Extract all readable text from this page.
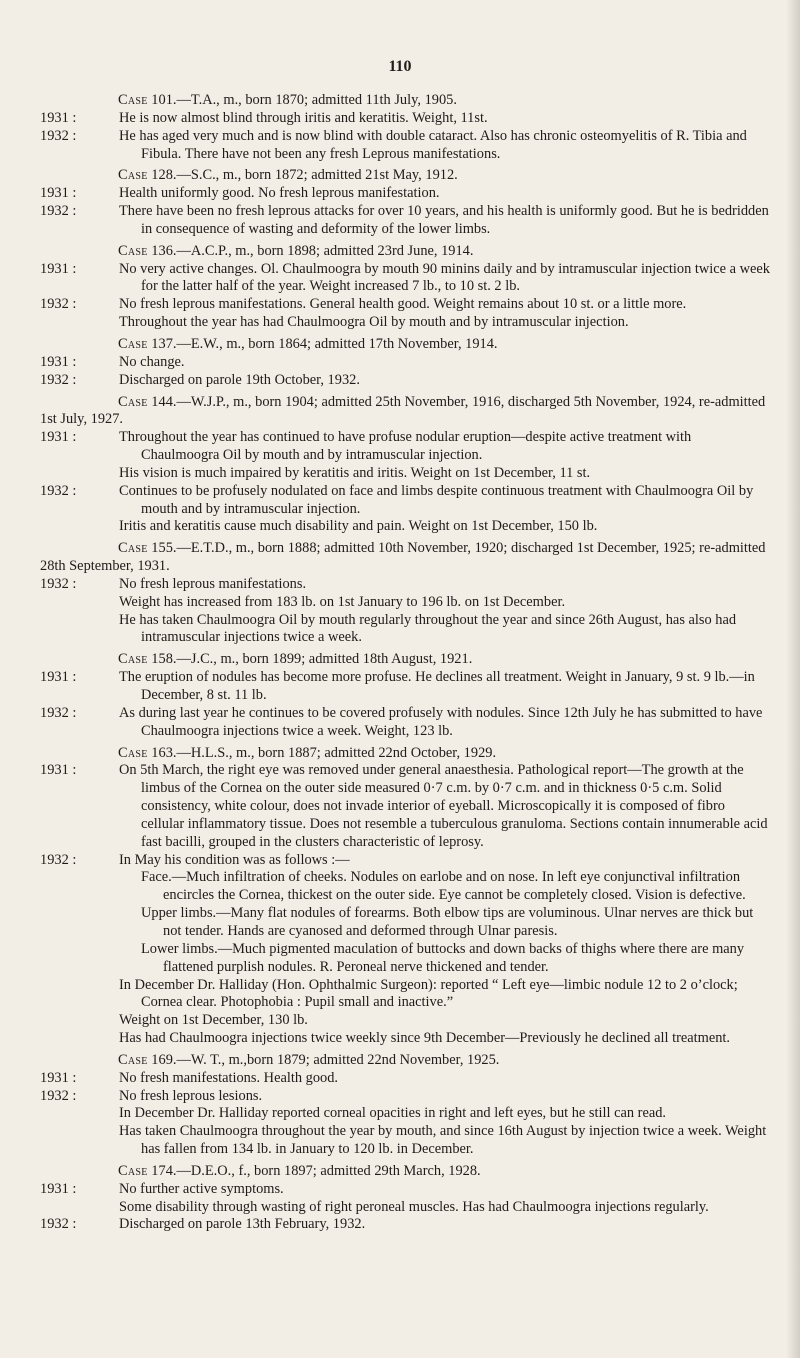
110

Case 101.—T.A., m., born 1870; admitted 11th July, 1905.

1931 :	He is now almost blind through iritis and keratitis. Weight, 11st.

1932 :	He has aged very much and is now blind with double cataract. Also has chronic osteomyelitis of R. Tibia and Fibula. There have not been any fresh Leprous manifestations.

Case 128.—S.C., m., born 1872; admitted 21st May, 1912.

1931 :	Health uniformly good. No fresh leprous manifestation.

1932 :	There have been no fresh leprous attacks for over 10 years, and his health is uniformly good. But he is bedridden in consequence of wasting and deformity of the lower limbs.

Case 136.—A.C.P., m., born 1898; admitted 23rd June, 1914.

1931 :	No very active changes. Ol. Chaulmoogra by mouth 90 minins daily and by intramuscular injection twice a week for the latter half of the year. Weight increased 7 lb., to 10 st. 2 lb.

1932 :	No fresh leprous manifestations. General health good. Weight remains about 10 st. or a little more.

Throughout the year has had Chaulmoogra Oil by mouth and by intramuscular injection.

Case 137.—E.W., m., born 1864; admitted 17th November, 1914.

1931 :	No change.

1932 :	Discharged on parole 19th October, 1932.

Case 144.—W.J.P., m., born 1904; admitted 25th November, 1916, discharged 5th November, 1924, re-admitted 1st July, 1927.

1931 :	Throughout the year has continued to have profuse nodular eruption—despite active treatment with Chaulmoogra Oil by mouth and by intramuscular injection.

His vision is much impaired by keratitis and iritis. Weight on 1st December, 11 st.

1932 :	Continues to be profusely nodulated on face and limbs despite continuous treatment with Chaulmoogra Oil by mouth and by intramuscular injection.

Iritis and keratitis cause much disability and pain. Weight on 1st December, 150 lb.

Case 155.—E.T.D., m., born 1888; admitted 10th November, 1920; discharged 1st December, 1925; re-admitted 28th September, 1931.

1932 :	No fresh leprous manifestations.

Weight has increased from 183 lb. on 1st January to 196 lb. on 1st December.

He has taken Chaulmoogra Oil by mouth regularly throughout the year and since 26th August, has also had intramuscular injections twice a week.

Case 158.—J.C., m., born 1899; admitted 18th August, 1921.

1931 :	The eruption of nodules has become more profuse. He declines all treatment. Weight in January, 9 st. 9 lb.—in December, 8 st. 11 lb.

1932 :	As during last year he continues to be covered profusely with nodules. Since 12th July he has submitted to have Chaulmoogra injections twice a week. Weight, 123 lb.

Case 163.—H.L.S., m., born 1887; admitted 22nd October, 1929.

1931 :	On 5th March, the right eye was removed under general anaesthesia. Pathological report—The growth at the limbus of the Cornea on the outer side measured 0·7 c.m. by 0·7 c.m. and in thickness 0·5 c.m. Solid consistency, white colour, does not invade interior of eyeball. Microscopically it is composed of fibro cellular inflammatory tissue. Does not resemble a tuberculous granuloma. Sections contain innumerable acid fast bacilli, grouped in the clusters characteristic of leprosy.

1932 :	In May his condition was as follows :—

Face.—Much infiltration of cheeks. Nodules on earlobe and on nose. In left eye conjunctival infiltration encircles the Cornea, thickest on the outer side. Eye cannot be completely closed. Vision is defective.

Upper limbs.—Many flat nodules of forearms. Both elbow tips are voluminous. Ulnar nerves are thick but not tender. Hands are cyanosed and deformed through Ulnar paresis.

Lower limbs.—Much pigmented maculation of buttocks and down backs of thighs where there are many flattened purplish nodules. R. Peroneal nerve thickened and tender.

In December Dr. Halliday (Hon. Ophthalmic Surgeon): reported “ Left eye—limbic nodule 12 to 2 o’clock; Cornea clear. Photophobia : Pupil small and inactive.”

Weight on 1st December, 130 lb.

Has had Chaulmoogra injections twice weekly since 9th December—Previously he declined all treatment.

Case 169.—W. T., m.,born 1879; admitted 22nd November, 1925.

1931 :	No fresh manifestations. Health good.

1932 :	No fresh leprous lesions.

In December Dr. Halliday reported corneal opacities in right and left eyes, but he still can read.

Has taken Chaulmoogra throughout the year by mouth, and since 16th August by injection twice a week. Weight has fallen from 134 lb. in January to 120 lb. in December.

Case 174.—D.E.O., f., born 1897; admitted 29th March, 1928.

1931 :	No further active symptoms.

Some disability through wasting of right peroneal muscles. Has had Chaulmoogra injections regularly.

1932 :	Discharged on parole 13th February, 1932.
